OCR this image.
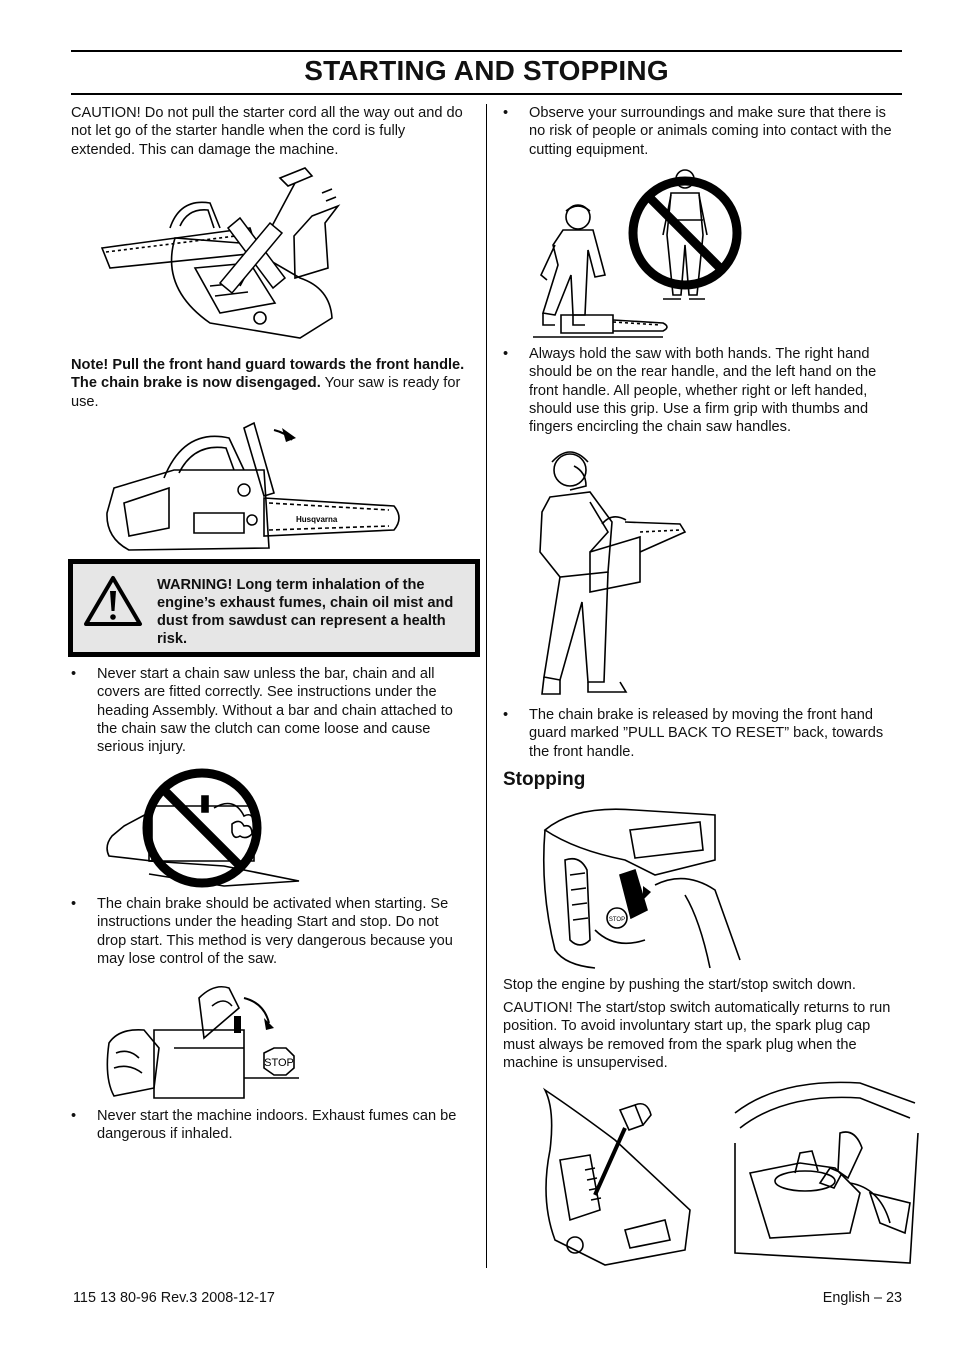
STARTING AND STOPPING

CAUTION! Do not pull the starter cord all the way out and do not let go of the starter handle when the cord is fully extended. This can damage the machine.

Note! Pull the front hand guard towards the front handle. The chain brake is now disengaged. Your saw is ready for use.

Husqvarna
WARNING! Long term inhalation of the engine’s exhaust fumes, chain oil mist and dust from sawdust can represent a health risk.
• Never start a chain saw unless the bar, chain and all covers are fitted correctly. See instructions under the heading Assembly. Without a bar and chain attached to the chain saw the clutch can come loose and cause serious injury.
• The chain brake should be activated when starting. Se instructions under the heading Start and stop. Do not drop start. This method is very dangerous because you may lose control of the saw.
STOP
• Never start the machine indoors. Exhaust fumes can be dangerous if inhaled.
• Observe your surroundings and make sure that there is no risk of people or animals coming into contact with the cutting equipment.
• Always hold the saw with both hands. The right hand should be on the rear handle, and the left hand on the front handle. All people, whether right or left handed, should use this grip. Use a firm grip with thumbs and fingers encircling the chain saw handles.
• The chain brake is released by moving the front hand guard marked ”PULL BACK TO RESET” back, towards the front handle.
Stopping
STOP

Stop the engine by pushing the start/stop switch down.

CAUTION! The start/stop switch automatically returns to run position. To avoid involuntary start up, the spark plug cap must always be removed from the spark plug when the machine is unsupervised.

115 13 80-96 Rev.3 2008-12-17	English – 23
